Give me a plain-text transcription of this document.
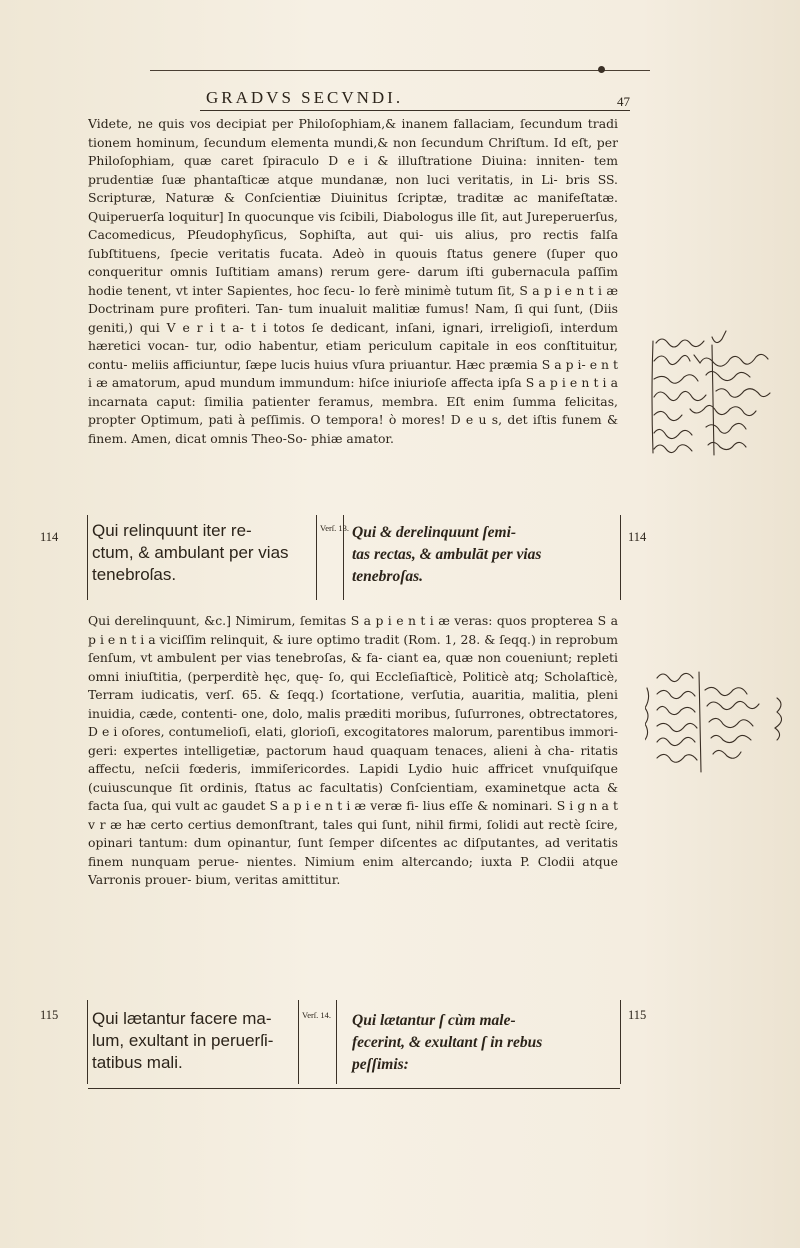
GRADVS SECVNDI.	47

Videte, ne quis vos decipiat per Philoſophiam,& inanem fallaciam, ſecundum tradi tionem hominum, ſecundum elementa mundi,& non ſecundum Chriſtum. Id eſt, per Philoſophiam, quæ caret ſpiraculo D e i & illuſtratione Diuina: inniten- tem prudentiæ ſuæ phantaſticæ atque mundanæ, non luci veritatis, in Li- bris SS. Scripturæ, Naturæ & Conſcientiæ Diuinitus ſcriptæ, traditæ ac manifeſtatæ. Quiperuerſa loquitur] In quocunque vis ſcibili, Diabologus ille ſit, aut Jureperuerſus, Cacomedicus, Pſeudophyſicus, Sophiſta, aut qui- uis alius, pro rectis falſa ſubſtituens, ſpecie veritatis fucata. Adeò in quouis ſtatus genere (ſuper quo conqueritur omnis Iuſtitiam amans) rerum gere- darum iſti gubernacula paſſim hodie tenent, vt inter Sapientes, hoc ſecu- lo ferè minimè tutum ſit, S a p i e n t i æ Doctrinam pure profiteri. Tan- tum inualuit malitiæ fumus! Nam, ſi qui ſunt, (Diis geniti,) qui V e r i t a- t i totos ſe dedicant, inſani, ignari, irreligioſi, interdum hæretici vocan- tur, odio habentur, etiam periculum capitale in eos conſtituitur, contu- meliis afficiuntur, ſæpe lucis huius vſura priuantur. Hæc præmia S a p i- e n t i æ amatorum, apud mundum immundum: hiſce iniurioſe affecta ipſa S a p i e n t i a incarnata caput: ſimilia patienter feramus, membra. Eſt enim ſumma felicitas, propter Optimum, pati à peſſimis. O tempora! ò mores! D e u s, det iſtis funem & finem. Amen, dicat omnis Theo-So- phiæ amator.

114	114
Qui relinquunt iter re-
ctum, & ambulant per vias
tenebroſas.
Verſ. 13. Qui & derelinquunt ſemi-
tas rectas, & ambulāt per vias
tenebroſas.

Qui derelinquunt, &c.] Nimirum, ſemitas S a p i e n t i æ veras: quos propterea S a p i e n t i a viciſſim relinquit, & iure optimo tradit (Rom. 1, 28. & ſeqq.) in reprobum ſenſum, vt ambulent per vias tenebroſas, & fa- ciant ea, quæ non coueniunt; repleti omni iniuſtitia, (perperditè hęc, quę- ſo, qui Eccleſiaſticè, Politicè atq; Scholaſticè, Terram iudicatis, verſ. 65. & ſeqq.) ſcortatione, verſutia, auaritia, malitia, pleni inuidia, cæde, contenti- one, dolo, malis præditi moribus, ſuſurrones, obtrectatores, D e i oſores, contumelioſi, elati, glorioſi, excogitatores malorum, parentibus immori- geri: expertes intelligetiæ, pactorum haud quaquam tenaces, alieni à cha- ritatis affectu, neſcii fœderis, immiſericordes. Lapidi Lydio huic affricet vnuſquiſque (cuiuscunque ſit ordinis, ſtatus ac facultatis) Conſcientiam, examinetque acta & facta ſua, qui vult ac gaudet S a p i e n t i æ veræ fi- lius eſſe & nominari. S i g n a t v r æ hæ certo certius demonſtrant, tales qui ſunt, nihil firmi, ſolidi aut rectè ſcire, opinari tantum: dum opinantur, ſunt ſemper diſcentes ac diſputantes, ad veritatis finem nunquam perue- nientes. Nimium enim altercando; iuxta P. Clodii atque Varronis prouer- bium, veritas amittitur.

115	115
Qui lætantur facere ma-
lum, exultant in peruerſi-
tatibus mali.
Verſ. 14. Qui lætantur ſ cùm male-
fecerint, & exultant ſ in rebus
peſſimis:
